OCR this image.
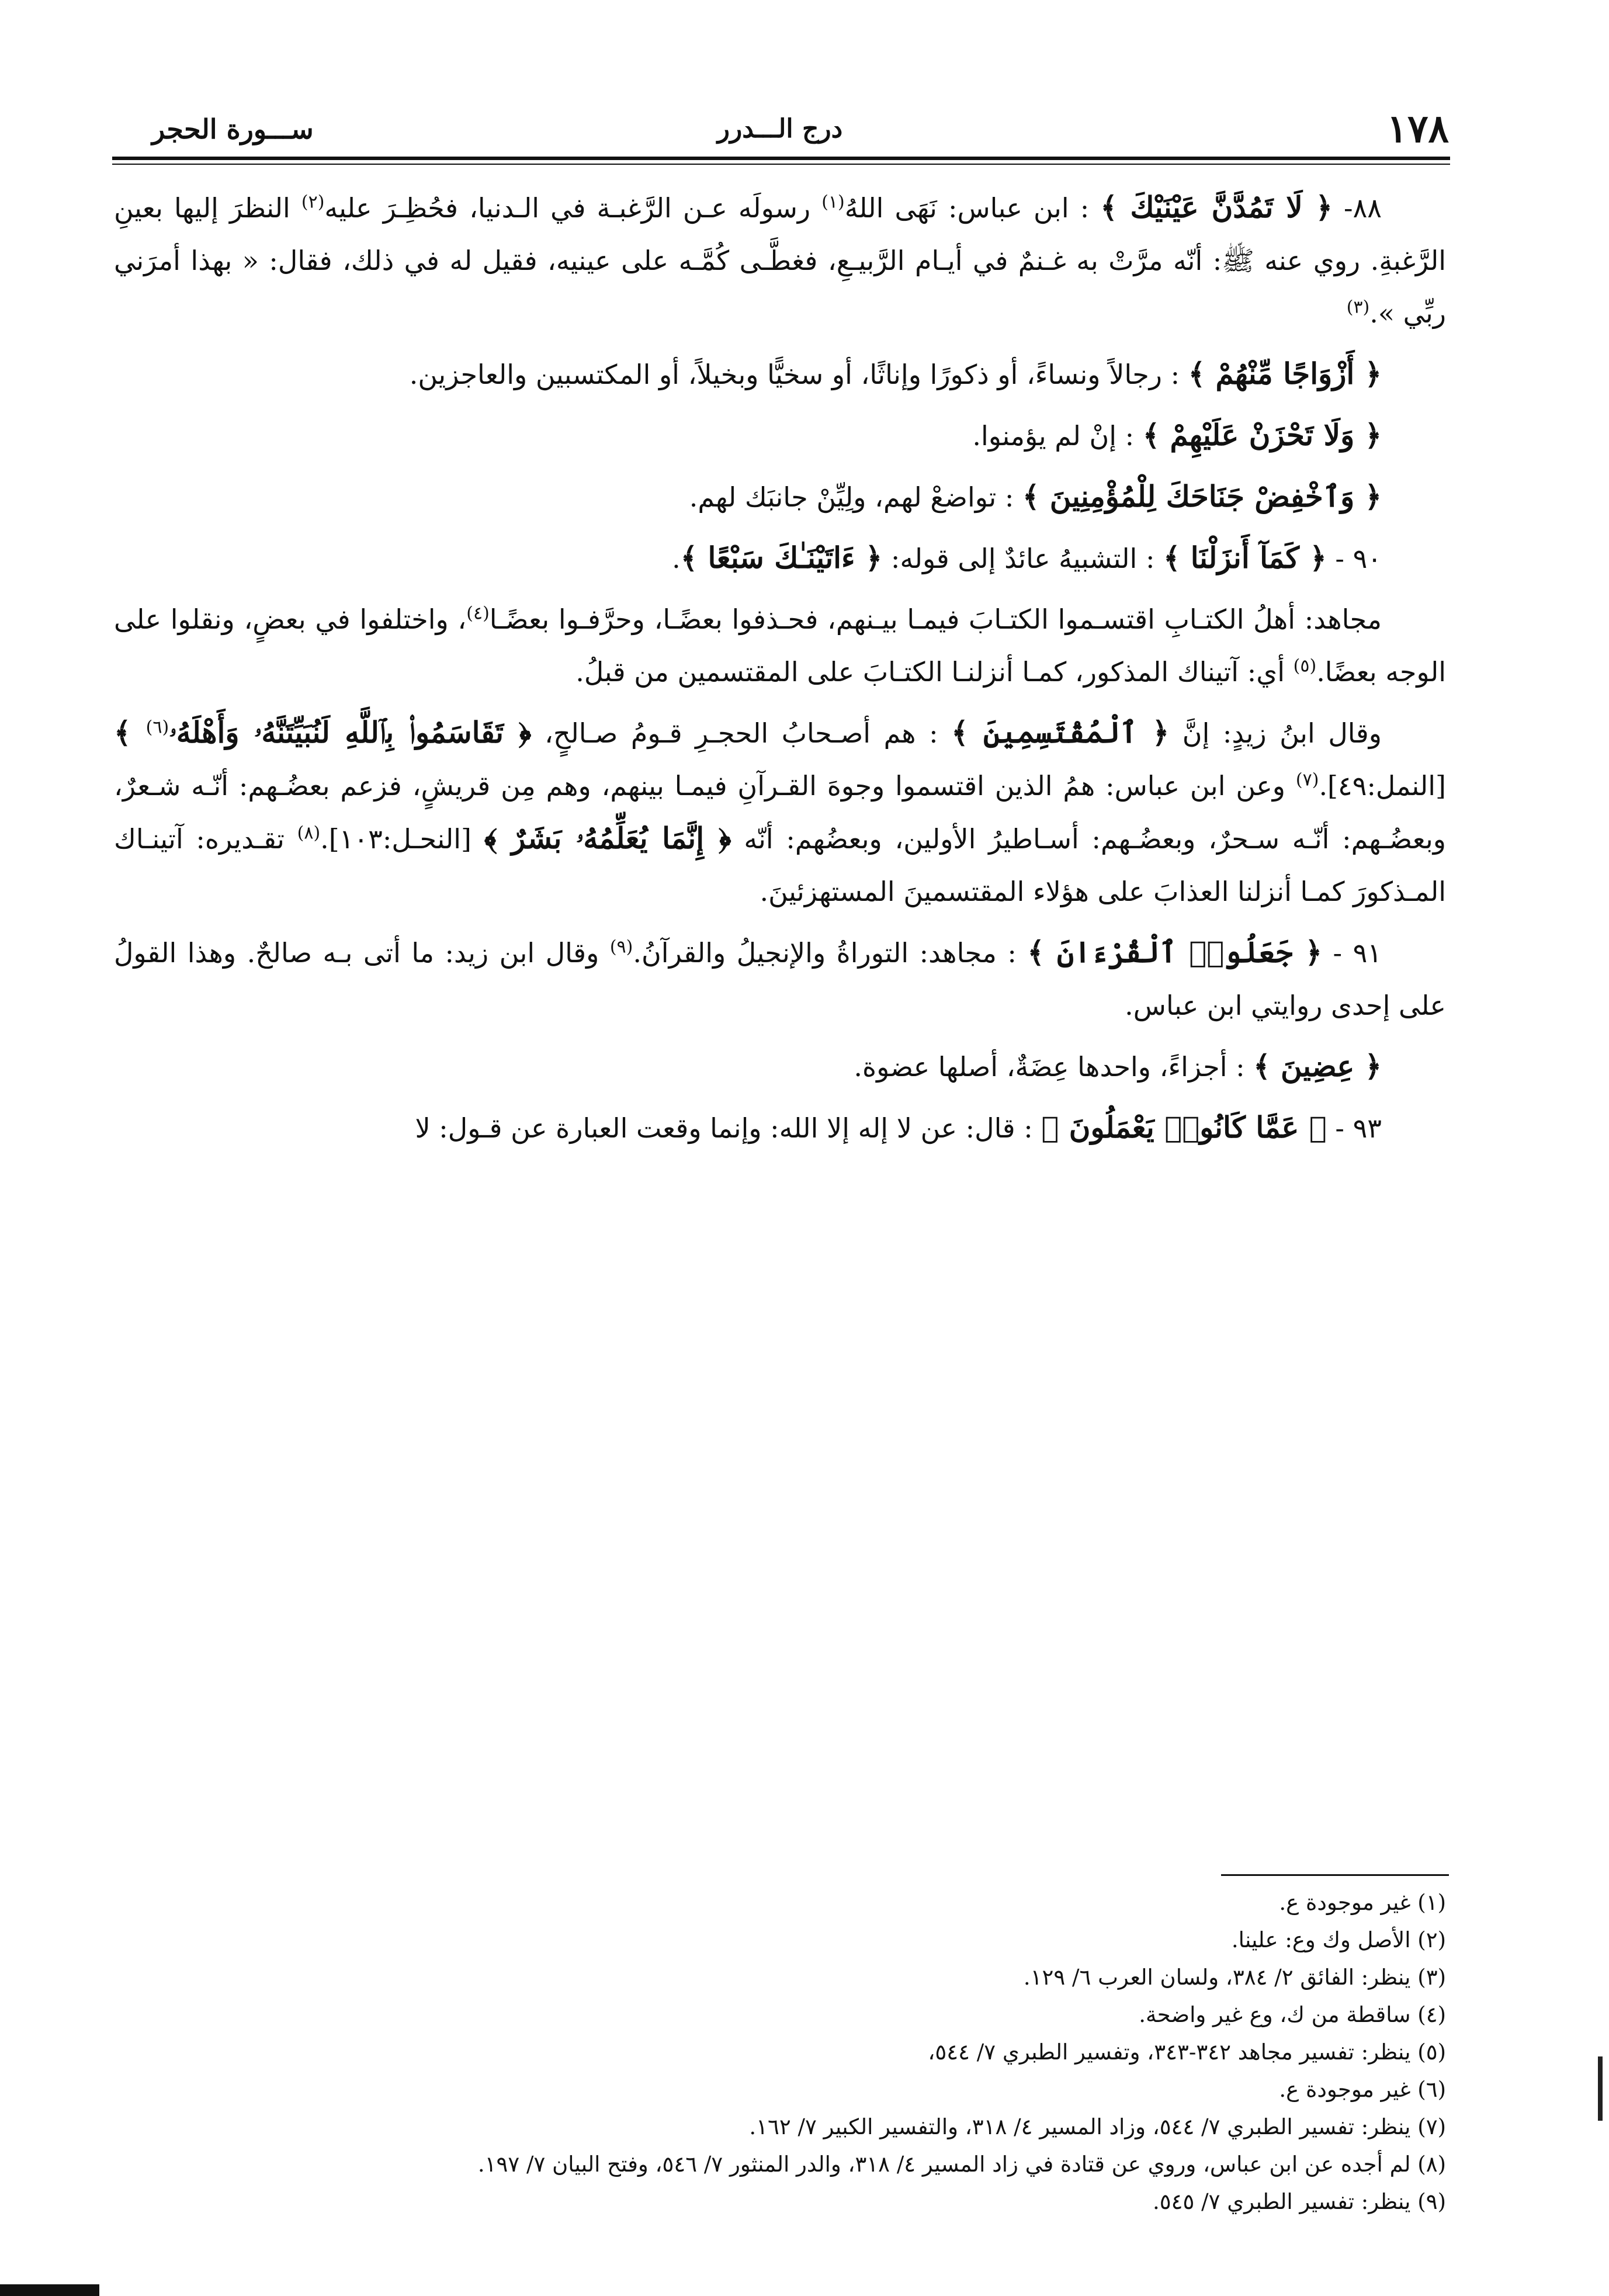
١٧٨
درج الـــدرر
ســـورة الحجر

٨٨- ﴿ لَا تَمُدَّنَّ عَيْنَيْكَ ﴾ : ابن عباس: نَهَى اللهُ$^{(١)}$ رسولَه عـن الرَّغبـة في الـدنيا، فحُظِـرَ عليه$^{(٢)}$ النظرَ إليها بعينِ الرَّغبةِ. روي عنه ﷺ: أنّه مرَّتْ به غـنمٌ في أيـام الرَّبيـعِ، فغطَّـى كُمَّـه على عينيه، فقيل له في ذلك، فقال: « بهذا أمرَني ربِّي ».$^{(٣)}$

﴿ أَزْوَاجًا مِّنْهُمْ ﴾ : رجالاً ونساءً، أو ذكورًا وإناثًا، أو سخيًّا وبخيلاً، أو المكتسبين والعاجزين.

﴿ وَلَا تَحْزَنْ عَلَيْهِمْ ﴾ : إنْ لم يؤمنوا.

﴿ وَٱخْفِضْ جَنَاحَكَ لِلْمُؤْمِنِينَ ﴾ : تواضعْ لهم، ولِيِّنْ جانبَك لهم.

٩٠ - ﴿ كَمَآ أَنزَلْنَا ﴾ : التشبيهُ عائدٌ إلى قوله: ﴿ ءَاتَيْنَـٰكَ سَبْعًا ﴾.

مجاهد: أهلُ الكتـابِ اقتسـموا الكتـابَ فيمـا بيـنهم، فحـذفوا بعضًـا، وحرَّفـوا بعضًـا$^{(٤)}$، واختلفوا في بعضٍ، ونقلوا على الوجه بعضًا.$^{(٥)}$ أي: آتيناك المذكور، كمـا أنزلنـا الكتـابَ على المقتسمين من قبلُ.

وقال ابنُ زيدٍ: إنَّ ﴿ ٱلْمُقْتَسِمِينَ ﴾ : هم أصـحابُ الحجـرِ قـومُ صـالحٍ، ﴿ تَقَاسَمُوا۟ بِٱللَّهِ لَنُبَيِّتَنَّهُۥ وَأَهْلَهُۥ$^{(٦)}$ ﴾ [النمل:٤٩].$^{(٧)}$ وعن ابن عباس: همُ الذين اقتسموا وجوهَ القـرآنِ فيمـا بينهم، وهم مِن قريشٍ، فزعم بعضُـهم: أنّـه شـعرٌ، وبعضُـهم: أنّـه سـحرٌ، وبعضُـهم: أسـاطيرُ الأولين، وبعضُهم: أنّه ﴿ إِنَّمَا يُعَلِّمُهُۥ بَشَرٌ ﴾ [النحـل:١٠٣].$^{(٨)}$ تقـديره: آتينـاك المـذكورَ كمـا أنزلنا العذابَ على هؤلاء المقتسمينَ المستهزئينَ.

٩١ - ﴿ جَعَلُوا۟ ٱلْقُرْءَانَ ﴾ : مجاهد: التوراةُ والإنجيلُ والقرآنُ.$^{(٩)}$ وقال ابن زيد: ما أتى بـه صالحٌ. وهذا القولُ على إحدى روايتي ابن عباس.

﴿ عِضِينَ ﴾ : أجزاءً، واحدها عِضَةٌ، أصلها عضوة.

٩٣ - ﴿ عَمَّا كَانُوا۟ يَعْمَلُونَ ﴾ : قال: عن لا إله إلا الله: وإنما وقعت العبارة عن قـول: لا

(١) غير موجودة ع.

(٢) الأصل وك وع: علينا.

(٣) ينظر: الفائق ٢/ ٣٨٤، ولسان العرب ٦/ ١٢٩.

(٤) ساقطة من ك، وع غير واضحة.

(٥) ينظر: تفسير مجاهد ٣٤٢-٣٤٣، وتفسير الطبري ٧/ ٥٤٤،

(٦) غير موجودة ع.

(٧) ينظر: تفسير الطبري ٧/ ٥٤٤، وزاد المسير ٤/ ٣١٨، والتفسير الكبير ٧/ ١٦٢.

(٨) لم أجده عن ابن عباس، وروي عن قتادة في زاد المسير ٤/ ٣١٨، والدر المنثور ٧/ ٥٤٦، وفتح البيان ٧/ ١٩٧.

(٩) ينظر: تفسير الطبري ٧/ ٥٤٥.
